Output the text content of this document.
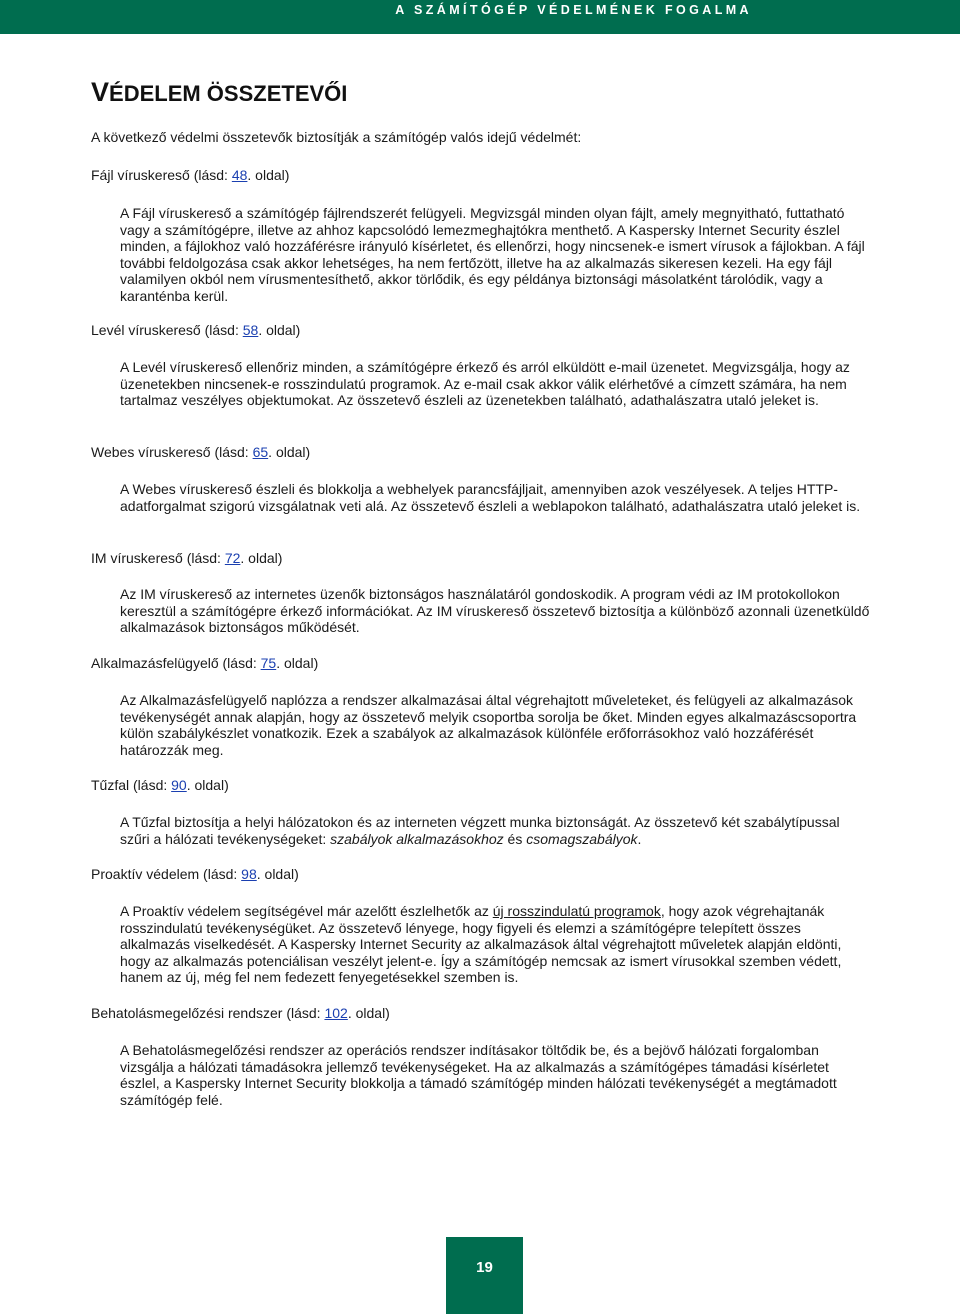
A SZÁMÍTÓGÉP VÉDELMÉNEK FOGALMA
VÉDELEM ÖSSZETEVŐI
A következő védelmi összetevők biztosítják a számítógép valós idejű védelmét:
Fájl víruskereső (lásd: 48. oldal)
A Fájl víruskereső a számítógép fájlrendszerét felügyeli. Megvizsgál minden olyan fájlt, amely megnyitható, futtatható vagy a számítógépre, illetve az ahhoz kapcsolódó lemezmeghajtókra menthető. A Kaspersky Internet Security észlel minden, a fájlokhoz való hozzáférésre irányuló kísérletet, és ellenőrzi, hogy nincsenek-e ismert vírusok a fájlokban. A fájl további feldolgozása csak akkor lehetséges, ha nem fertőzött, illetve ha az alkalmazás sikeresen kezeli. Ha egy fájl valamilyen okból nem vírusmentesíthető, akkor törlődik, és egy példánya biztonsági másolatként tárolódik, vagy a karanténba kerül.
Levél víruskereső (lásd: 58. oldal)
A Levél víruskereső ellenőriz minden, a számítógépre érkező és arról elküldött e-mail üzenetet. Megvizsgálja, hogy az üzenetekben nincsenek-e rosszindulatú programok. Az e-mail csak akkor válik elérhetővé a címzett számára, ha nem tartalmaz veszélyes objektumokat. Az összetevő észleli az üzenetekben található, adathalászatra utaló jeleket is.
Webes víruskereső (lásd: 65. oldal)
A Webes víruskereső észleli és blokkolja a webhelyek parancsfájljait, amennyiben azok veszélyesek. A teljes HTTP-adatforgalmat szigorú vizsgálatnak veti alá. Az összetevő észleli a weblapokon található, adathalászatra utaló jeleket is.
IM víruskereső (lásd: 72. oldal)
Az IM víruskereső az internetes üzenők biztonságos használatáról gondoskodik. A program védi az IM protokollokon keresztül a számítógépre érkező információkat. Az IM víruskereső összetevő biztosítja a különböző azonnali üzenetküldő alkalmazások biztonságos működését.
Alkalmazásfelügyelő (lásd: 75. oldal)
Az Alkalmazásfelügyelő naplózza a rendszer alkalmazásai által végrehajtott műveleteket, és felügyeli az alkalmazások tevékenységét annak alapján, hogy az összetevő melyik csoportba sorolja be őket. Minden egyes alkalmazáscsoportra külön szabálykészlet vonatkozik. Ezek a szabályok az alkalmazások különféle erőforrásokhoz való hozzáférését határozzák meg.
Tűzfal (lásd: 90. oldal)
A Tűzfal biztosítja a helyi hálózatokon és az interneten végzett munka biztonságát. Az összetevő két szabálytípussal szűri a hálózati tevékenységeket: szabályok alkalmazásokhoz és csomagszabályok.
Proaktív védelem (lásd: 98. oldal)
A Proaktív védelem segítségével már azelőtt észlelhetők az új rosszindulatú programok, hogy azok végrehajtanák rosszindulatú tevékenységüket. Az összetevő lényege, hogy figyeli és elemzi a számítógépre telepített összes alkalmazás viselkedését. A Kaspersky Internet Security az alkalmazások által végrehajtott műveletek alapján eldönti, hogy az alkalmazás potenciálisan veszélyt jelent-e. Így a számítógép nemcsak az ismert vírusokkal szemben védett, hanem az új, még fel nem fedezett fenyegetésekkel szemben is.
Behatolásmegelőzési rendszer (lásd: 102. oldal)
A Behatolásmegelőzési rendszer az operációs rendszer indításakor töltődik be, és a bejövő hálózati forgalomban vizsgálja a hálózati támadásokra jellemző tevékenységeket. Ha az alkalmazás a számítógépes támadási kísérletet észlel, a Kaspersky Internet Security blokkolja a támadó számítógép minden hálózati tevékenységét a megtámadott számítógép felé.
19
